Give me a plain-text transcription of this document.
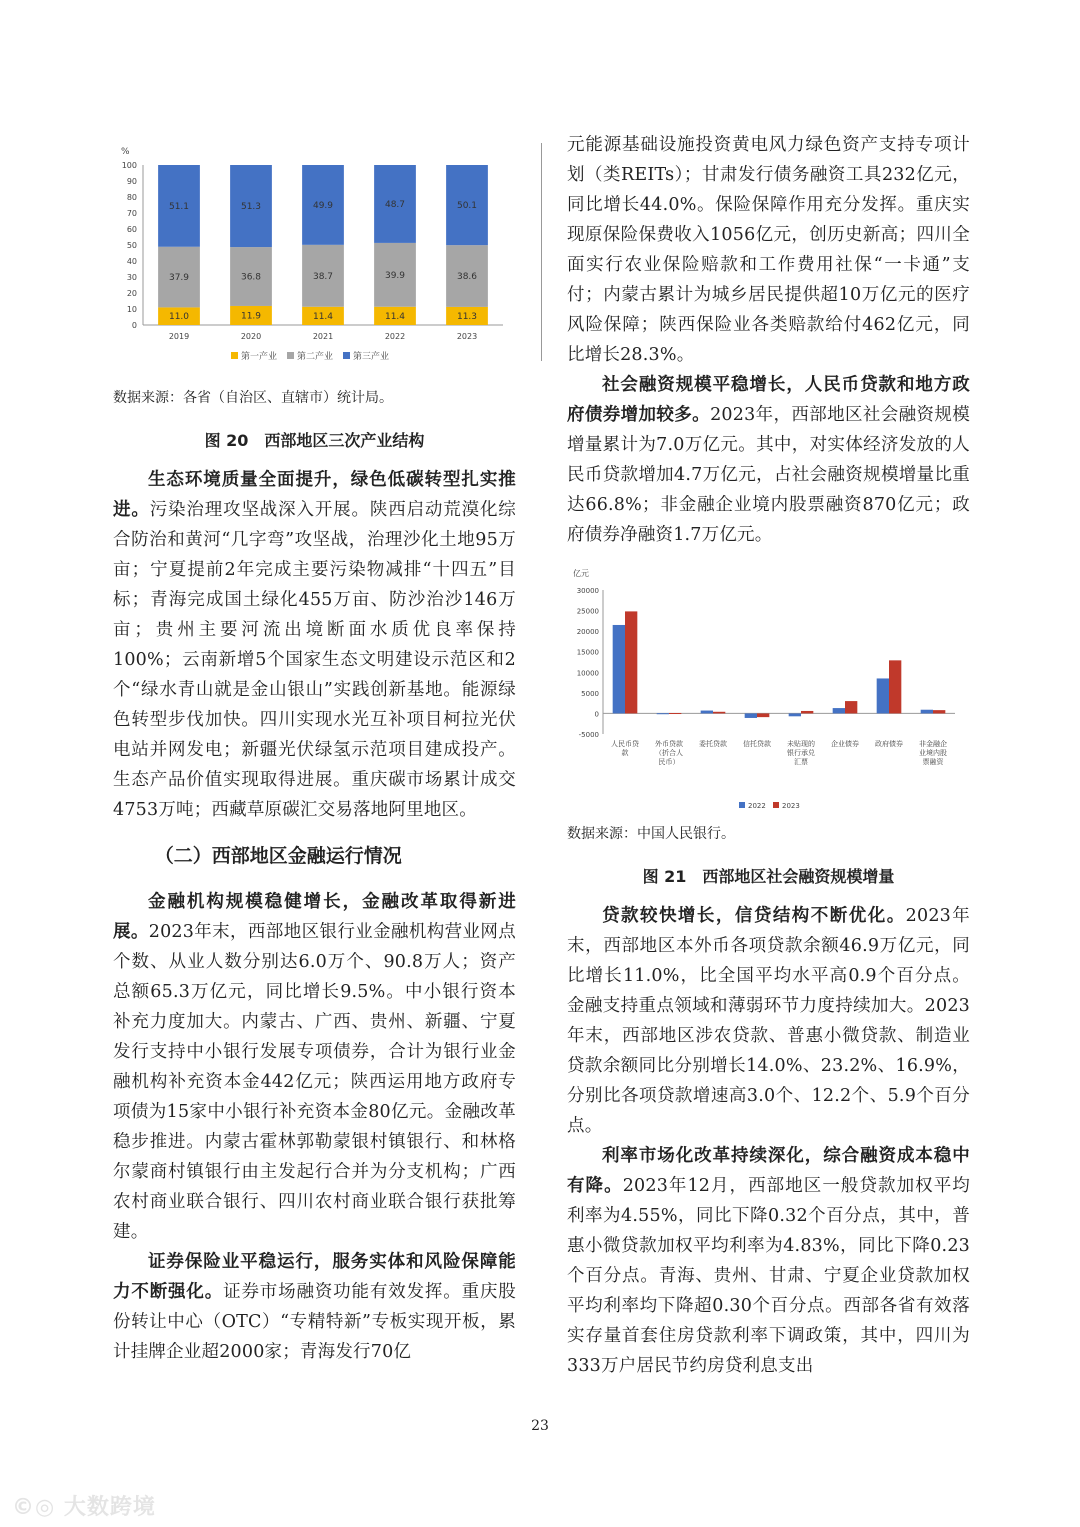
%
0
10
20
30
40
50
60
70
80
90
100
11.0
37.9
51.1
2019
11.9
36.8
51.3
2020
11.4
38.7
49.9
2021
11.4
39.9
48.7
2022
11.3
38.6
50.1
2023
第一产业 第二产业 第三产业

数据来源：各省（自治区、直辖市）统计局。

图 20　西部地区三次产业结构

生态环境质量全面提升，绿色低碳转型扎实推进。污染治理攻坚战深入开展。陕西启动荒漠化综合防治和黄河“几字弯”攻坚战，治理沙化土地95万亩；宁夏提前2年完成主要污染物减排“十四五”目标；青海完成国土绿化455万亩、防沙治沙146万亩；贵州主要河流出境断面水质优良率保持100%；云南新增5个国家生态文明建设示范区和2个“绿水青山就是金山银山”实践创新基地。能源绿色转型步伐加快。四川实现水光互补项目柯拉光伏电站并网发电；新疆光伏绿氢示范项目建成投产。生态产品价值实现取得进展。重庆碳市场累计成交4753万吨；西藏草原碳汇交易落地阿里地区。

（二）西部地区金融运行情况

金融机构规模稳健增长，金融改革取得新进展。2023年末，西部地区银行业金融机构营业网点个数、从业人数分别达6.0万个、90.8万人；资产总额65.3万亿元，同比增长9.5%。中小银行资本补充力度加大。内蒙古、广西、贵州、新疆、宁夏发行支持中小银行发展专项债券，合计为银行业金融机构补充资本金442亿元；陕西运用地方政府专项债为15家中小银行补充资本金80亿元。金融改革稳步推进。内蒙古霍林郭勒蒙银村镇银行、和林格尔蒙商村镇银行由主发起行合并为分支机构；广西农村商业联合银行、四川农村商业联合银行获批筹建。

证券保险业平稳运行，服务实体和风险保障能力不断强化。证券市场融资功能有效发挥。重庆股份转让中心（OTC）“专精特新”专板实现开板，累计挂牌企业超2000家；青海发行70亿

元能源基础设施投资黄电风力绿色资产支持专项计划（类REITs）；甘肃发行债务融资工具232亿元，同比增长44.0%。保险保障作用充分发挥。重庆实现原保险保费收入1056亿元，创历史新高；四川全面实行农业保险赔款和工作费用社保“一卡通”支付；内蒙古累计为城乡居民提供超10万亿元的医疗风险保障；陕西保险业各类赔款给付462亿元，同比增长28.3%。

社会融资规模平稳增长，人民币贷款和地方政府债券增加较多。2023年，西部地区社会融资规模增量累计为7.0万亿元。其中，对实体经济发放的人民币贷款增加4.7万亿元，占社会融资规模增量比重达66.8%；非金融企业境内股票融资870亿元；政府债券净融资1.7万亿元。

亿元
-5000
0
5000
10000
15000
20000
25000
30000
人民币贷
款
外币贷款
（折合人
民币）
委托贷款 信托贷款 未贴现的
银行承兑
汇票
企业债券 政府债券 非金融企
业境内股
票融资
2022 2023

数据来源：中国人民银行。

图 21　西部地区社会融资规模增量

贷款较快增长，信贷结构不断优化。2023年末，西部地区本外币各项贷款余额46.9万亿元，同比增长11.0%，比全国平均水平高0.9个百分点。金融支持重点领域和薄弱环节力度持续加大。2023年末，西部地区涉农贷款、普惠小微贷款、制造业贷款余额同比分别增长14.0%、23.2%、16.9%，分别比各项贷款增速高3.0个、12.2个、5.9个百分点。

利率市场化改革持续深化，综合融资成本稳中有降。2023年12月，西部地区一般贷款加权平均利率为4.55%，同比下降0.32个百分点，其中，普惠小微贷款加权平均利率为4.83%，同比下降0.23个百分点。青海、贵州、甘肃、宁夏企业贷款加权平均利率均下降超0.30个百分点。西部各省有效落实存量首套住房贷款利率下调政策，其中，四川为333万户居民节约房贷利息支出

23
©◎ 大数跨境
